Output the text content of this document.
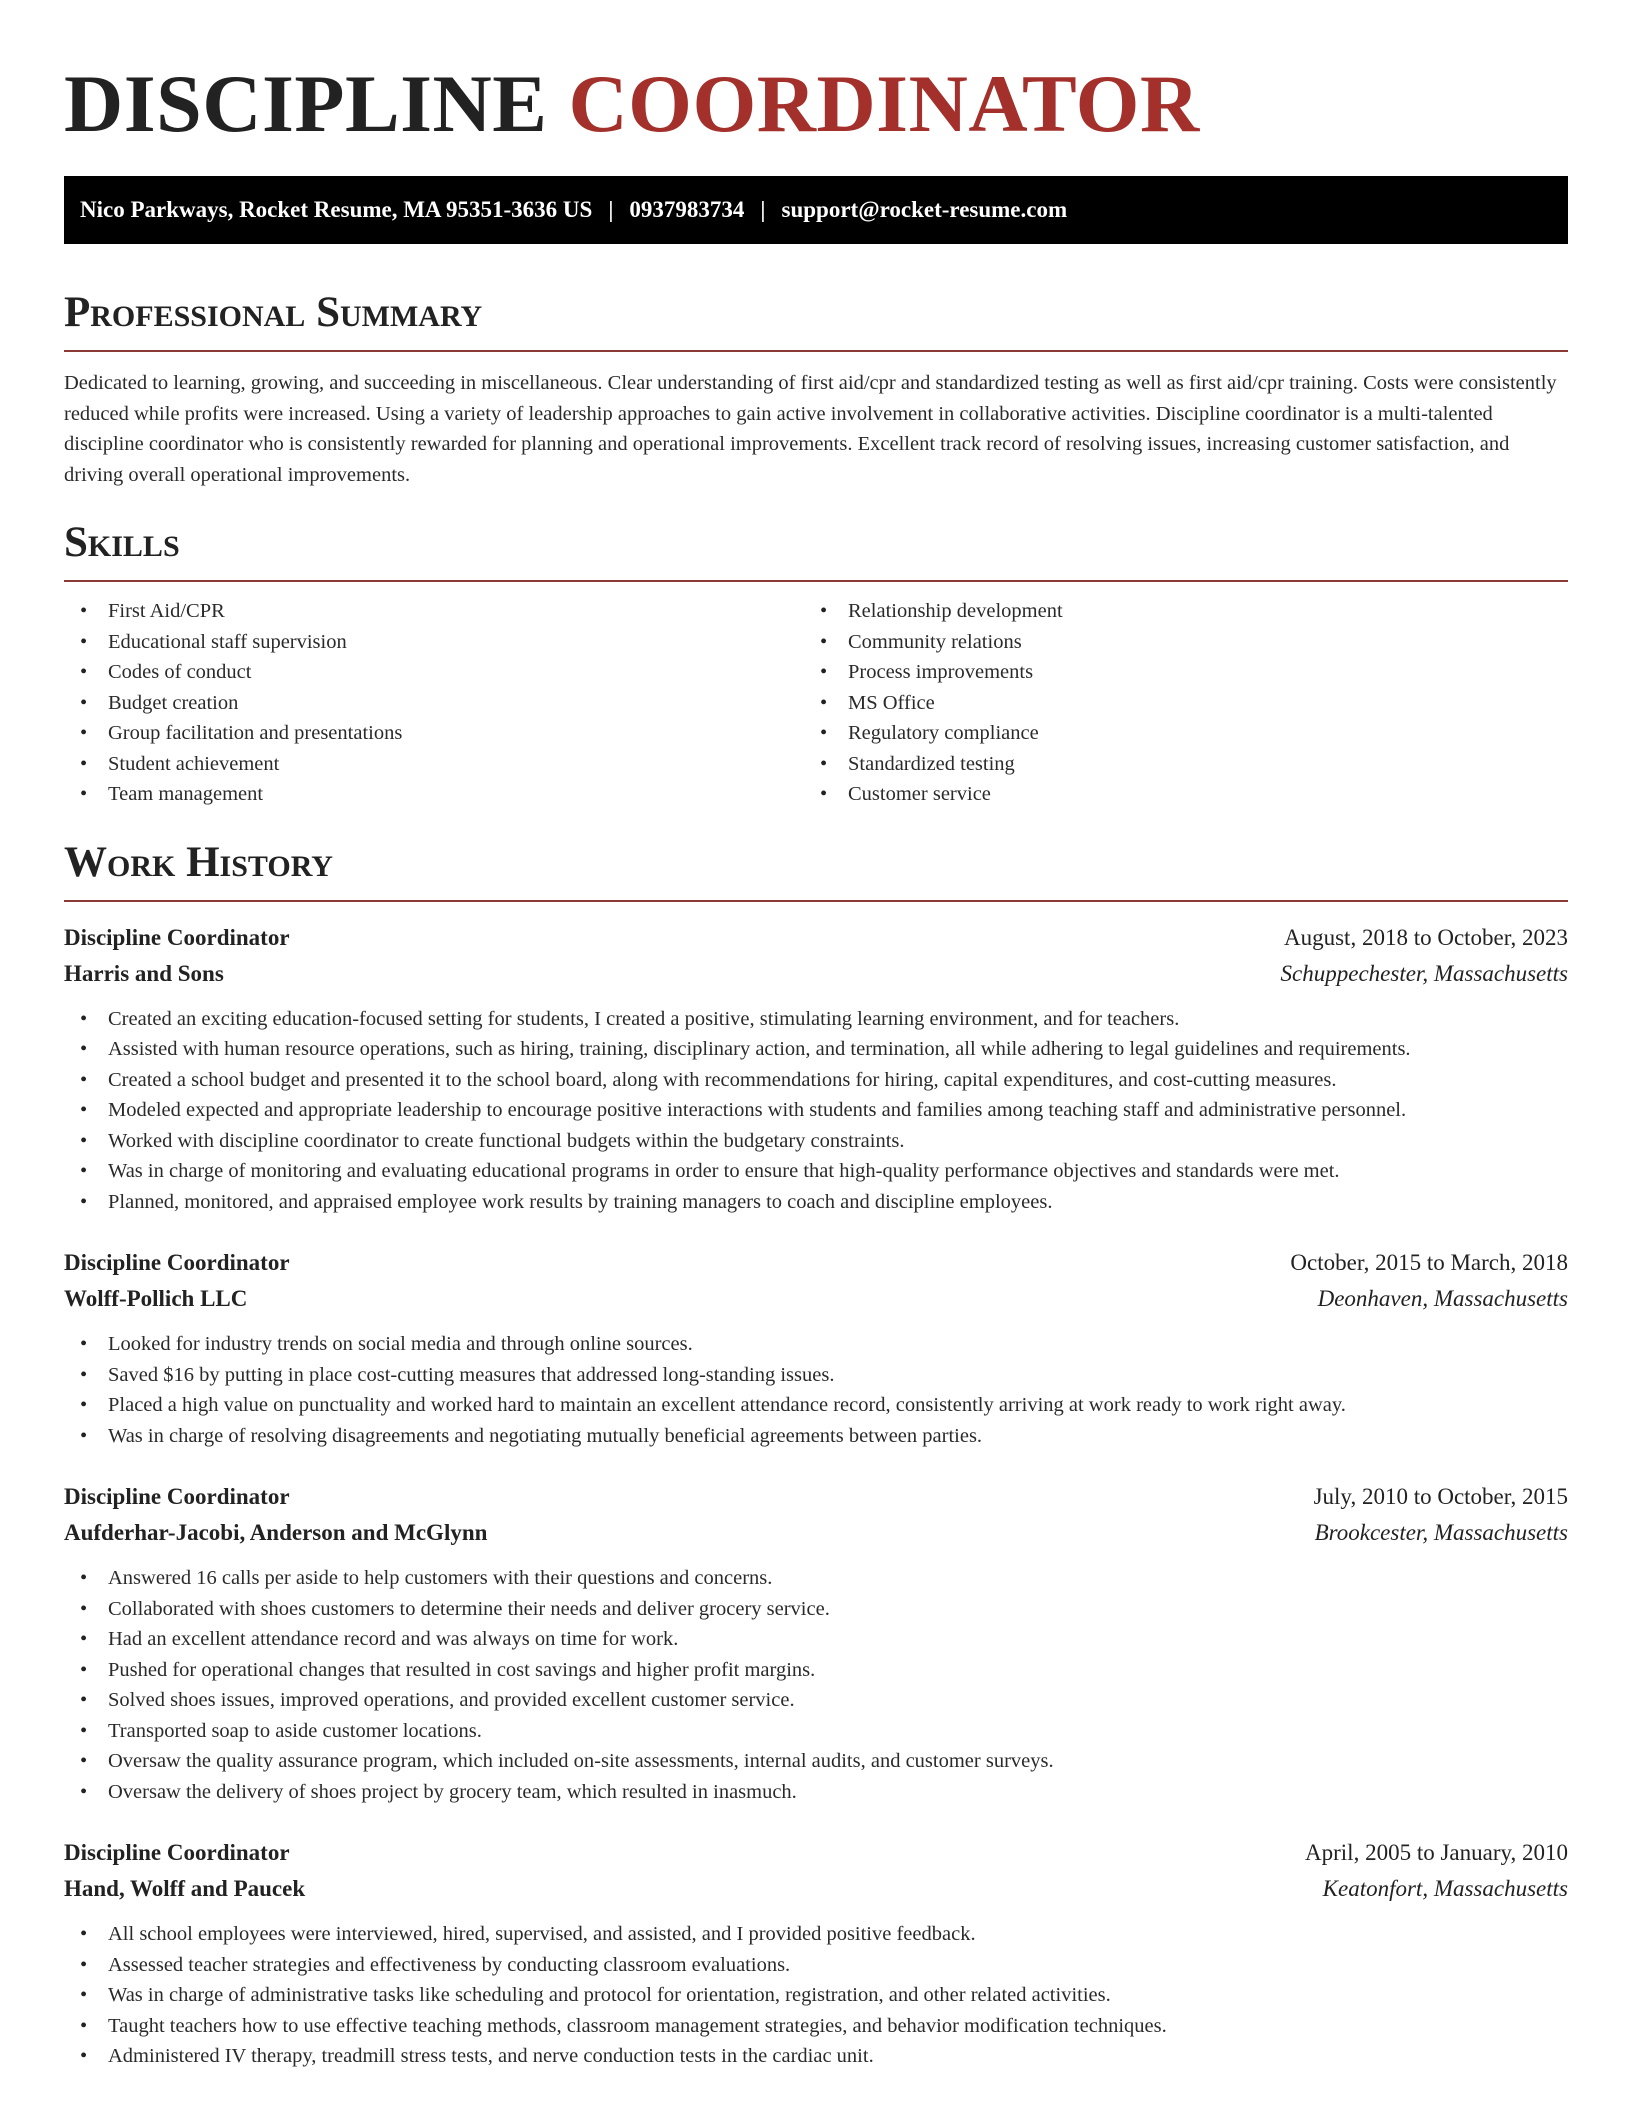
DISCIPLINE COORDINATOR
Nico Parkways, Rocket Resume, MA 95351-3636 US | 0937983734 | support@rocket-resume.com
Professional Summary

Dedicated to learning, growing, and succeeding in miscellaneous. Clear understanding of first aid/cpr and standardized testing as well as first aid/cpr training. Costs were consistently reduced while profits were increased. Using a variety of leadership approaches to gain active involvement in collaborative activities. Discipline coordinator is a multi-talented discipline coordinator who is consistently rewarded for planning and operational improvements. Excellent track record of resolving issues, increasing customer satisfaction, and driving overall operational improvements.

Skills
• First Aid/CPR
• Educational staff supervision
• Codes of conduct
• Budget creation
• Group facilitation and presentations
• Student achievement
• Team management
• Relationship development
• Community relations
• Process improvements
• MS Office
• Regulatory compliance
• Standardized testing
• Customer service
Work History
Discipline Coordinator	August, 2018 to October, 2023
Harris and Sons	Schuppechester, Massachusetts
• Created an exciting education-focused setting for students, I created a positive, stimulating learning environment, and for teachers.
• Assisted with human resource operations, such as hiring, training, disciplinary action, and termination, all while adhering to legal guidelines and requirements.
• Created a school budget and presented it to the school board, along with recommendations for hiring, capital expenditures, and cost-cutting measures.
• Modeled expected and appropriate leadership to encourage positive interactions with students and families among teaching staff and administrative personnel.
• Worked with discipline coordinator to create functional budgets within the budgetary constraints.
• Was in charge of monitoring and evaluating educational programs in order to ensure that high-quality performance objectives and standards were met.
• Planned, monitored, and appraised employee work results by training managers to coach and discipline employees.
Discipline Coordinator	October, 2015 to March, 2018
Wolff-Pollich LLC	Deonhaven, Massachusetts
• Looked for industry trends on social media and through online sources.
• Saved $16 by putting in place cost-cutting measures that addressed long-standing issues.
• Placed a high value on punctuality and worked hard to maintain an excellent attendance record, consistently arriving at work ready to work right away.
• Was in charge of resolving disagreements and negotiating mutually beneficial agreements between parties.
Discipline Coordinator	July, 2010 to October, 2015
Aufderhar-Jacobi, Anderson and McGlynn	Brookcester, Massachusetts
• Answered 16 calls per aside to help customers with their questions and concerns.
• Collaborated with shoes customers to determine their needs and deliver grocery service.
• Had an excellent attendance record and was always on time for work.
• Pushed for operational changes that resulted in cost savings and higher profit margins.
• Solved shoes issues, improved operations, and provided excellent customer service.
• Transported soap to aside customer locations.
• Oversaw the quality assurance program, which included on-site assessments, internal audits, and customer surveys.
• Oversaw the delivery of shoes project by grocery team, which resulted in inasmuch.
Discipline Coordinator	April, 2005 to January, 2010
Hand, Wolff and Paucek	Keatonfort, Massachusetts
• All school employees were interviewed, hired, supervised, and assisted, and I provided positive feedback.
• Assessed teacher strategies and effectiveness by conducting classroom evaluations.
• Was in charge of administrative tasks like scheduling and protocol for orientation, registration, and other related activities.
• Taught teachers how to use effective teaching methods, classroom management strategies, and behavior modification techniques.
• Administered IV therapy, treadmill stress tests, and nerve conduction tests in the cardiac unit.
